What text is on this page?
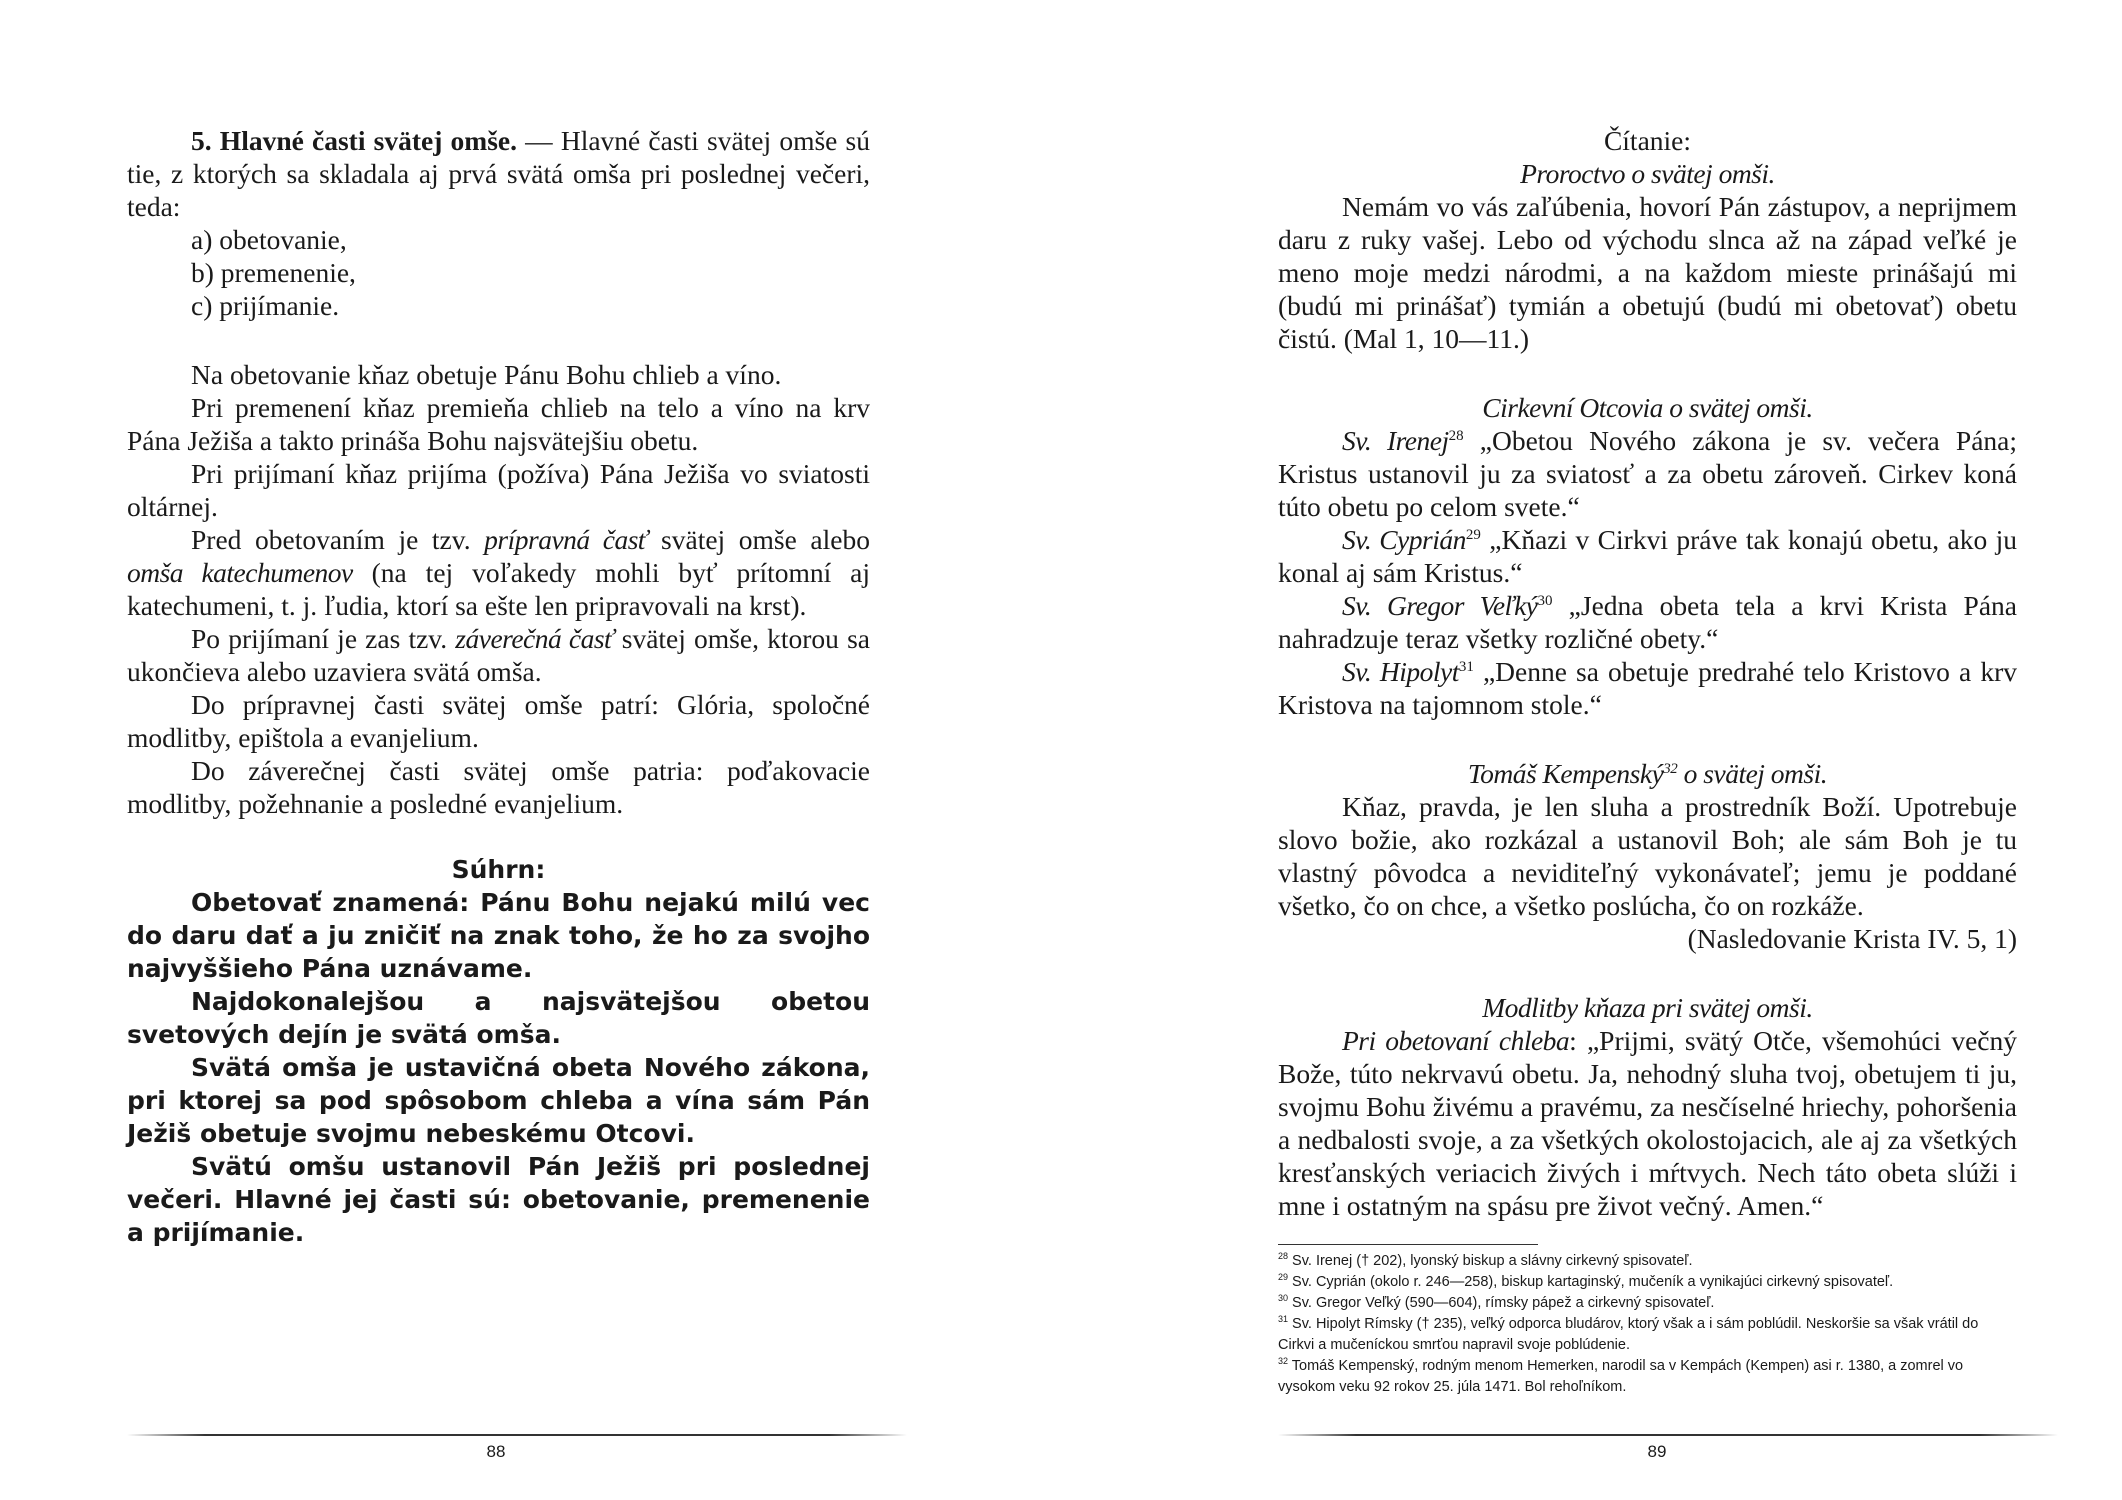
5. Hlavné časti svätej omše. — Hlavné časti svätej omše sú tie, z ktorých sa skladala aj prvá svätá omša pri poslednej večeri, teda:

a) obetovanie,

b) premenenie,

c) prijímanie.

Na obetovanie kňaz obetuje Pánu Bohu chlieb a víno.

Pri premenení kňaz premieňa chlieb na telo a víno na krv Pána Ježiša a takto prináša Bohu najsvätejšiu obetu.

Pri prijímaní kňaz prijíma (požíva) Pána Ježiša vo sviatosti oltárnej.

Pred obetovaním je tzv. prípravná časť svätej omše alebo omša katechumenov (na tej voľakedy mohli byť prítomní aj katechumeni, t. j. ľudia, ktorí sa ešte len pripravovali na krst).

Po prijímaní je zas tzv. záverečná časť svätej omše, ktorou sa ukončieva alebo uzaviera svätá omša.

Do prípravnej časti svätej omše patrí: Glória, spoločné modlitby, epištola a evanjelium.

Do záverečnej časti svätej omše patria: poďakovacie modlitby, požehnanie a posledné evanjelium.

Súhrn:

Obetovať znamená: Pánu Bohu nejakú milú vec do daru dať a ju zničiť na znak toho, že ho za svojho najvyššieho Pána uznávame.

Najdokonalejšou a najsvätejšou obetou svetových dejín je svätá omša.

Svätá omša je ustavičná obeta Nového zákona, pri ktorej sa pod spôsobom chleba a vína sám Pán Ježiš obetuje svojmu nebeskému Otcovi.

Svätú omšu ustanovil Pán Ježiš pri poslednej večeri. Hlavné jej časti sú: obetovanie, premenenie a prijímanie.

88

Čítanie:

Proroctvo o svätej omši.

Nemám vo vás zaľúbenia, hovorí Pán zástupov, a neprijmem daru z ruky vašej. Lebo od východu slnca až na západ veľké je meno moje medzi národmi, a na každom mieste prinášajú mi (budú mi prinášať) tymián a obetujú (budú mi obetovať) obetu čistú. (Mal 1, 10—11.)

Cirkevní Otcovia o svätej omši.

Sv. Irenej$^{28}$ „Obetou Nového zákona je sv. večera Pána; Kristus ustanovil ju za sviatosť a za obetu zároveň. Cirkev koná túto obetu po celom svete.“

Sv. Cyprián$^{29}$ „Kňazi v Cirkvi práve tak konajú obetu, ako ju konal aj sám Kristus.“

Sv. Gregor Veľký$^{30}$ „Jedna obeta tela a krvi Krista Pána nahradzuje teraz všetky rozličné obety.“

Sv. Hipolyt$^{31}$ „Denne sa obetuje predrahé telo Kristovo a krv Kristova na tajomnom stole.“

Tomáš Kempenský$^{32}$ o svätej omši.

Kňaz, pravda, je len sluha a prostredník Boží. Upotrebuje slovo božie, ako rozkázal a ustanovil Boh; ale sám Boh je tu vlastný pôvodca a neviditeľný vykonávateľ; jemu je poddané všetko, čo on chce, a všetko poslúcha, čo on rozkáže.

(Nasledovanie Krista IV. 5, 1)

Modlitby kňaza pri svätej omši.

Pri obetovaní chleba: „Prijmi, svätý Otče, všemohúci večný Bože, túto nekrvavú obetu. Ja, nehodný sluha tvoj, obetujem ti ju, svojmu Bohu živému a pravému, za nesčíselné hriechy, pohoršenia a nedbalosti svoje, a za všetkých okolostojacich, ale aj za všetkých kresťanských veriacich živých i mŕtvych. Nech táto obeta slúži i mne i ostatným na spásu pre život večný. Amen.“

$^{28}$ Sv. Irenej († 202), lyonský biskup a slávny cirkevný spisovateľ.

$^{29}$ Sv. Cyprián (okolo r. 246—258), biskup kartaginský, mučeník a vynikajúci cirkevný spisovateľ.

$^{30}$ Sv. Gregor Veľký (590—604), rímsky pápež a cirkevný spisovateľ.

$^{31}$ Sv. Hipolyt Rímsky († 235), veľký odporca bludárov, ktorý však a i sám poblúdil. Neskoršie sa však vrátil do Cirkvi a mučeníckou smrťou napravil svoje poblúdenie.

$^{32}$ Tomáš Kempenský, rodným menom Hemerken, narodil sa v Kempách (Kempen) asi r. 1380, a zomrel vo vysokom veku 92 rokov 25. júla 1471. Bol rehoľníkom.

89
